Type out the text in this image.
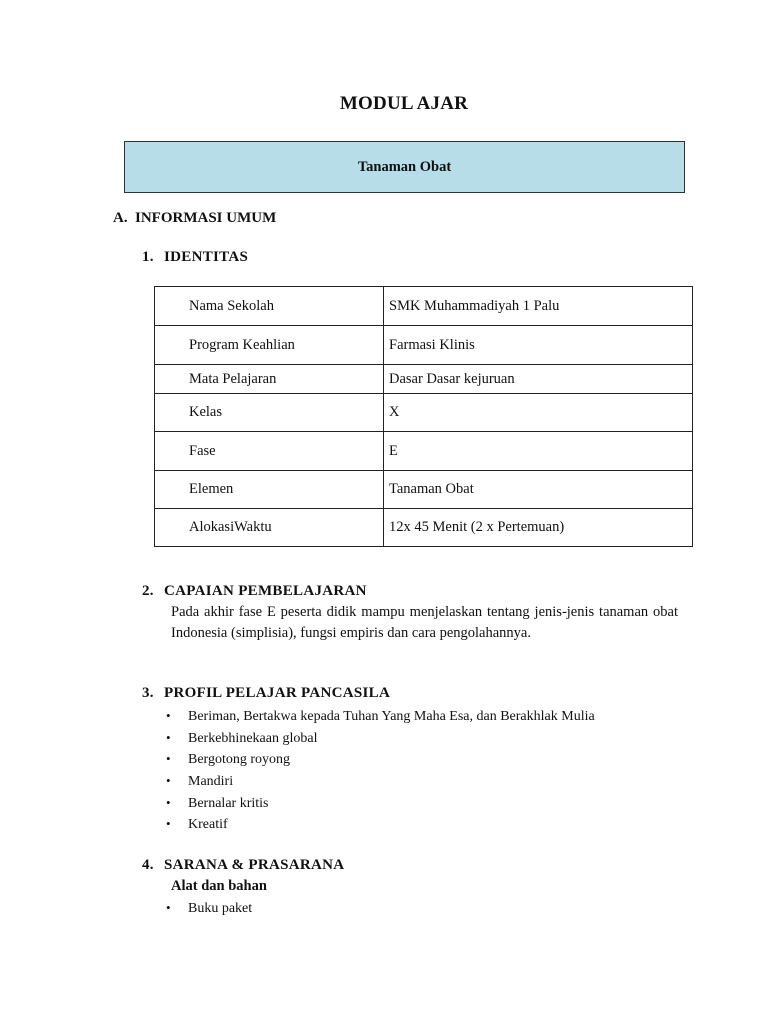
MODUL AJAR
Tanaman Obat
A. INFORMASI UMUM
1. IDENTITAS
Nama Sekolah	SMK Muhammadiyah 1 Palu
Program Keahlian	Farmasi Klinis
Mata Pelajaran	Dasar Dasar kejuruan
Kelas	X
Fase	E
Elemen	Tanaman Obat
AlokasiWaktu	12x 45 Menit (2 x Pertemuan)
2. CAPAIAN PEMBELAJARAN
Pada akhir fase E peserta didik mampu menjelaskan tentang jenis-jenis tanaman obat Indonesia (simplisia), fungsi empiris dan cara pengolahannya.
3. PROFIL PELAJAR PANCASILA
• Beriman, Bertakwa kepada Tuhan Yang Maha Esa, dan Berakhlak Mulia
• Berkebhinekaan global
• Bergotong royong
• Mandiri
• Bernalar kritis
• Kreatif
4. SARANA & PRASARANA
Alat dan bahan
• Buku paket
